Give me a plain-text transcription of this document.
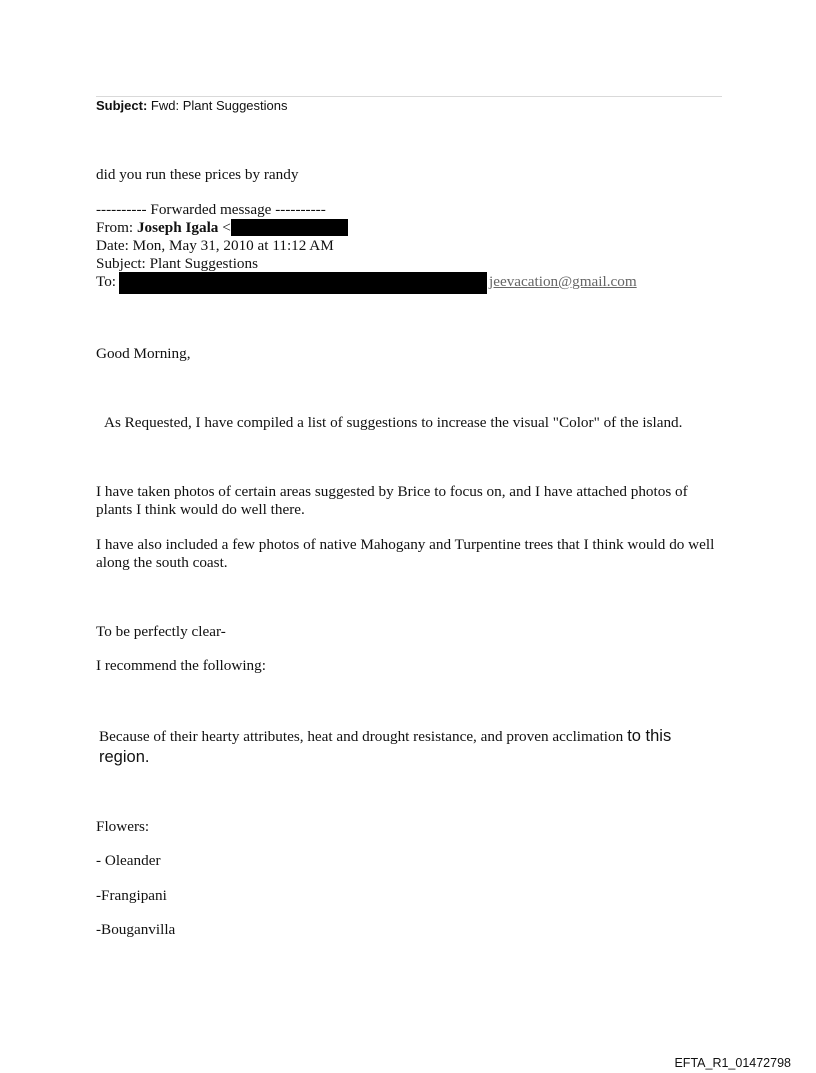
Subject: Fwd: Plant Suggestions
did you run these prices by randy
---------- Forwarded message ----------
From: Joseph Igala <
Date: Mon, May 31, 2010 at 11:12 AM
Subject: Plant Suggestions
To:	jeevacation@gmail.com
Good Morning,
As Requested, I have compiled a list of suggestions to increase the visual "Color" of the island.
I have taken photos of certain areas suggested by Brice to focus on, and I have attached photos of plants I think would do well there.
I have also included a few photos of native Mahogany and Turpentine trees that I think would do well along the south coast.
To be perfectly clear-
I recommend the following:
Because of their hearty attributes, heat and drought resistance, and proven acclimation to this region.
Flowers:
- Oleander
-Frangipani
-Bouganvilla
EFTA_R1_01472798
